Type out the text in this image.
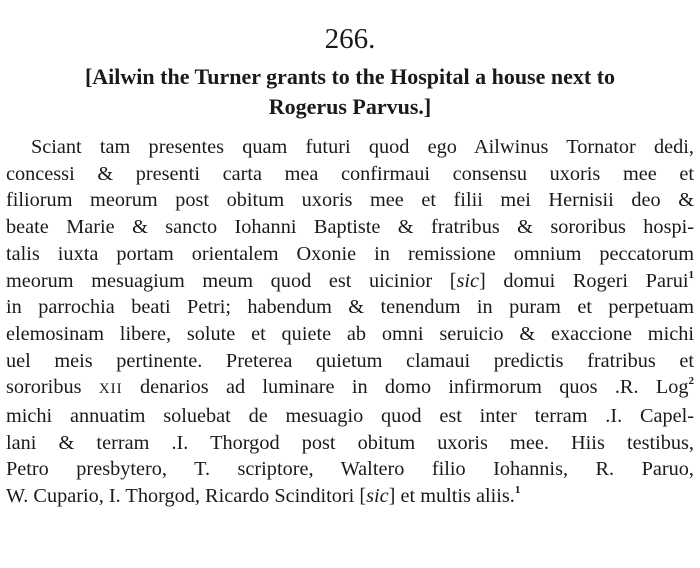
266.
[Ailwin the Turner grants to the Hospital a house next to
Rogerus Parvus.]
Sciant tam presentes quam futuri quod ego Ailwinus Tornator dedi,
concessi & presenti carta mea confirmaui consensu uxoris mee et
filiorum meorum post obitum uxoris mee et filii mei Hernisii deo &
beate Marie & sancto Iohanni Baptiste & fratribus & sororibus hospi-
talis iuxta portam orientalem Oxonie in remissione omnium peccatorum
meorum mesuagium meum quod est uicinior [sic] domui Rogeri Parui$^1$
in parrochia beati Petri; habendum & tenendum in puram et perpetuam
elemosinam libere, solute et quiete ab omni seruicio & exaccione michi
uel meis pertinente. Preterea quietum clamaui predictis fratribus et
sororibus XII denarios ad luminare in domo infirmorum quos .R. Log$^2$
michi annuatim soluebat de mesuagio quod est inter terram .I. Capel-
lani & terram .I. Thorgod post obitum uxoris mee. Hiis testibus,
Petro presbytero, T. scriptore, Waltero filio Iohannis, R. Paruo,
W. Cupario, I. Thorgod, Ricardo Scinditori [sic] et multis aliis.$^1$
